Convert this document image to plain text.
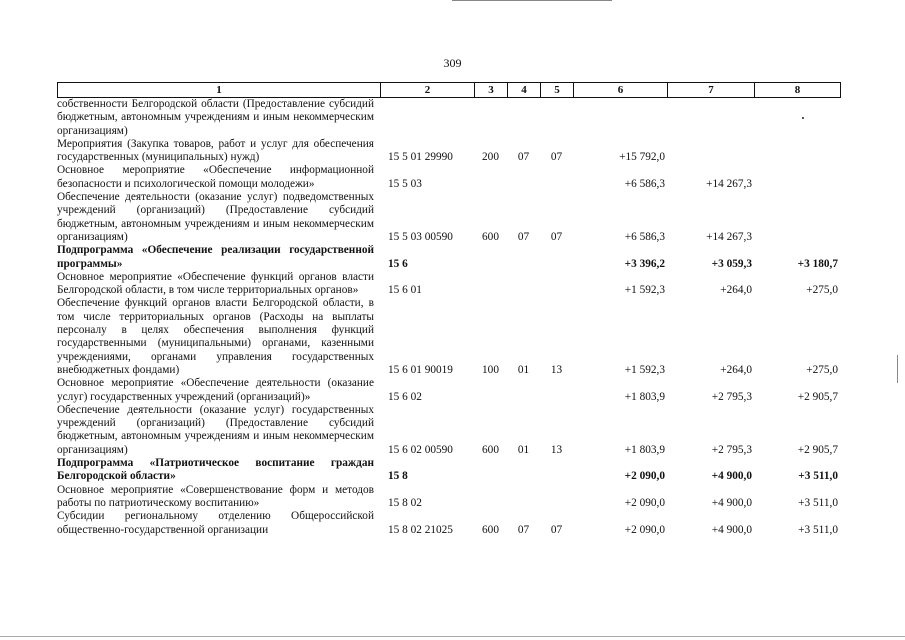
309
1	2	3	4	5	6	7	8
собственности Белгородской области (Предоставление субсидий бюджетным, автономным учреждениям и иным некоммерческим организациям)							
Мероприятия (Закупка товаров, работ и услуг для обеспечения государственных (муниципальных) нужд)	15 5 01 29990	200	07	07	+15 792,0		
Основное мероприятие «Обеспечение информационной безопасности и психологической помощи молодежи»	15 5 03				+6 586,3	+14 267,3	
Обеспечение деятельности (оказание услуг) подведомственных учреждений (организаций) (Предоставление субсидий бюджетным, автономным учреждениям и иным некоммерческим организациям)	15 5 03 00590	600	07	07	+6 586,3	+14 267,3	
Подпрограмма «Обеспечение реализации государственной программы»	15 6				+3 396,2	+3 059,3	+3 180,7
Основное мероприятие «Обеспечение функций органов власти Белгородской области, в том числе территориальных органов»	15 6 01				+1 592,3	+264,0	+275,0
Обеспечение функций органов власти Белгородской области, в том числе территориальных органов (Расходы на выплаты персоналу в целях обеспечения выполнения функций государственными (муниципальными) органами, казенными учреждениями, органами управления государственных внебюджетных фондами)	15 6 01 90019	100	01	13	+1 592,3	+264,0	+275,0
Основное мероприятие «Обеспечение деятельности (оказание услуг) государственных учреждений (организаций)»	15 6 02				+1 803,9	+2 795,3	+2 905,7
Обеспечение деятельности (оказание услуг) государственных учреждений (организаций) (Предоставление субсидий бюджетным, автономным учреждениям и иным некоммерческим организациям)	15 6 02 00590	600	01	13	+1 803,9	+2 795,3	+2 905,7
Подпрограмма «Патриотическое воспитание граждан Белгородской области»	15 8				+2 090,0	+4 900,0	+3 511,0
Основное мероприятие «Совершенствование форм и методов работы по патриотическому воспитанию»	15 8 02				+2 090,0	+4 900,0	+3 511,0
Субсидии региональному отделению Общероссийской общественно-государственной организации	15 8 02 21025	600	07	07	+2 090,0	+4 900,0	+3 511,0
